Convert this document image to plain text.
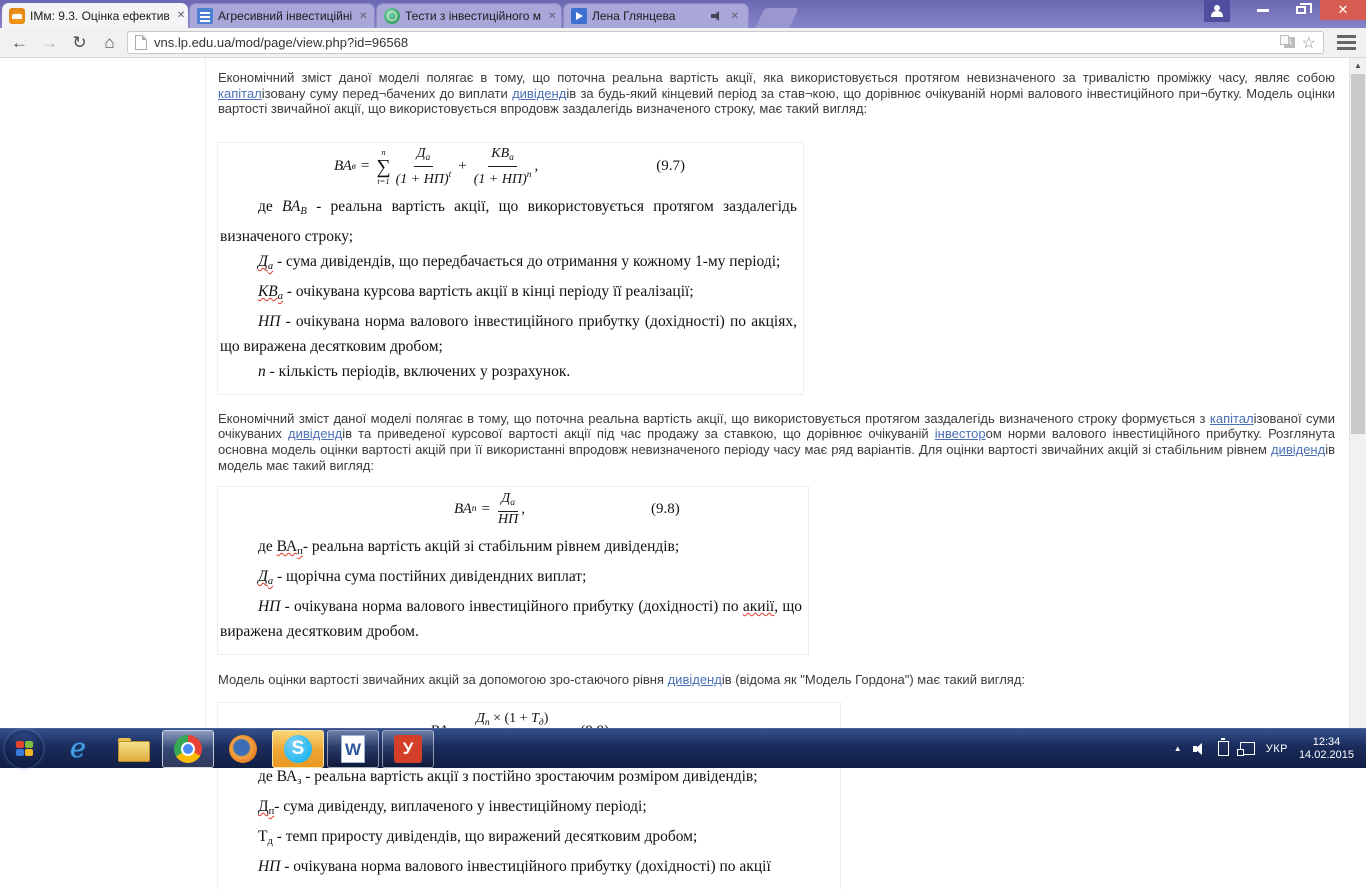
ІМм: 9.3. Оцінка ефектив ✕	Агресивний інвестиційні ✕	Тести з інвестиційного м ✕	Лена Глянцева	✕	✕
← → ↻	⌂	vns.lp.edu.ua/mod/page/view.php?id=96568 A	☆

Економічний зміст даної моделі полягає в тому, що поточна реальна вартість акції, яка використовується протягом невизначеного за тривалістю проміжку часу, являє собою капіталізовану суму перед¬бачених до виплати дивідендів за будь-який кінцевий період за став¬кою, що дорівнює очікуваній нормі валового інвестиційного при¬бутку. Модель оцінки вартості звичайної акції, що використовується впродовж заздалегідь визначеного строку, має такий вигляд:

ВА в =
n
∑
$t=1 \frac{Д_а}{(1 + НП)^t} + \frac{КВ_а}{(1 + НП)^n}$ ,	(9.7)

де ВАВ - реальна вартість акції, що використовується протягом заздалегідь визначеного строку;

Да - сума дивідендів, що передбачається до отримання у кожному 1-му періоді;

КВа - очікувана курсова вартість акції в кінці періоду її реалізації;

НП - очікувана норма валового інвестиційного прибутку (дохідності) по акціях, що виражена десятковим дробом;

n - кількість періодів, включених у розрахунок.

Економічний зміст даної моделі полягає в тому, що поточна реальна вартість акції, що використовується протягом заздалегідь визначеного строку формується з капіталізованої суми очікуваних дивідендів та приведеної курсової вартості акції під час продажу за ставкою, що дорівнює очікуваній інвестором норми валового інвестиційного прибутку. Розглянута основна модель оцінки вартості акцій при її використанні впродовж невизначеного періоду часу має ряд варіантів. Для оцінки вартості звичайних акцій зі стабільним рівнем дивідендів модель має такий вигляд:

ВА $п = \frac{Д_а}{НП}$ ,	(9.8)

де ВАп- реальна вартість акцій зі стабільним рівнем дивідендів;

Да - щорічна сума постійних дивідендних виплат;

НП - очікувана норма валового інвестиційного прибутку (дохідності) по акиії, що виражена десятковим дробом.

Модель оцінки вартості звичайних акцій за допомогою зро-стаючого рівня дивідендів (відома як "Модель Гордона") має такий вигляд:

$Д_п \times (1 + Т_д)$

де ВАз - реальна вартість акції з постійно зростаючим розміром дивідендів;

Дп- сума дивіденду, виплаченого у інвестиційному періоді;

Тд - темп приросту дивідендів, що виражений десятковим дробом;

НП - очікувана норма валового інвестиційного прибутку (дохідності) по акції

▲
e	S	W	У	▲	УКР
12:34
14.02.2015
